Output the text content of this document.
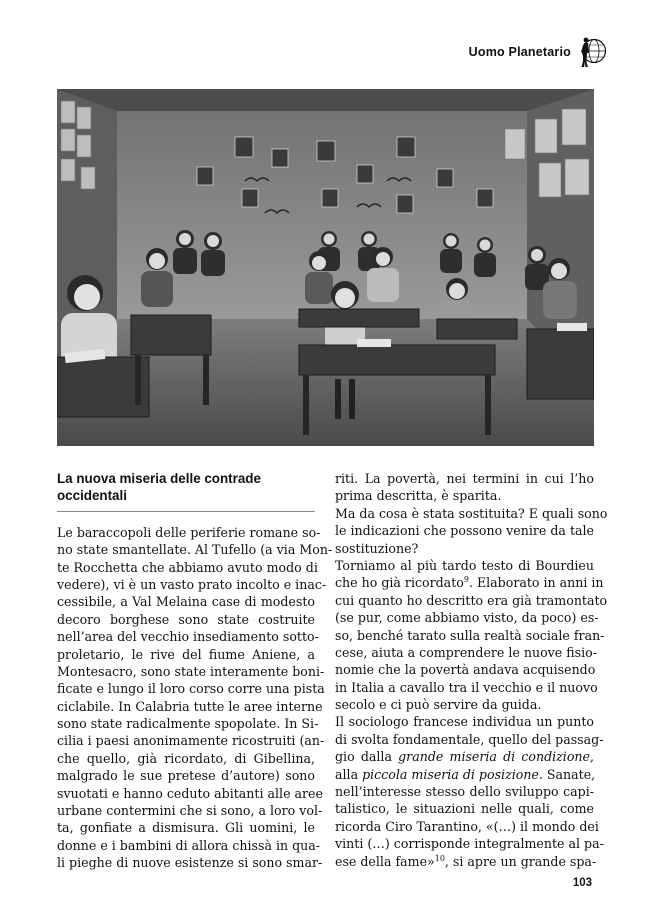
Uomo Planetario
La nuova miseria delle contrade
occidentali
Le baraccopoli delle periferie romane so-
no state smantellate. Al Tufello (a via Mon-
te Rocchetta che abbiamo avuto modo di
vedere), vi è un vasto prato incolto e inac-
cessibile, a Val Melaina case di modesto
decoro borghese sono state costruite
nell’area del vecchio insediamento sotto-
proletario, le rive del fiume Aniene, a
Montesacro, sono state interamente boni-
ficate e lungo il loro corso corre una pista
ciclabile. In Calabria tutte le aree interne
sono state radicalmente spopolate. In Si-
cilia i paesi anonimamente ricostruiti (an-
che quello, già ricordato, di Gibellina,
malgrado le sue pretese d’autore) sono
svuotati e hanno ceduto abitanti alle aree
urbane contermini che si sono, a loro vol-
ta, gonfiate a dismisura. Gli uomini, le
donne e i bambini di allora chissà in qua-
li pieghe di nuove esistenze si sono smar-
riti. La povertà, nei termini in cui l’ho
prima descritta, è sparita.
Ma da cosa è stata sostituita? E quali sono
le indicazioni che possono venire da tale
sostituzione?
Torniamo al più tardo testo di Bourdieu
che ho già ricordato$^9$. Elaborato in anni in
cui quanto ho descritto era già tramontato
(se pur, come abbiamo visto, da poco) es-
so, benché tarato sulla realtà sociale fran-
cese, aiuta a comprendere le nuove fisio-
nomie che la povertà andava acquisendo
in Italia a cavallo tra il vecchio e il nuovo
secolo e ci può servire da guida.
Il sociologo francese individua un punto
di svolta fondamentale, quello del passag-
gio dalla grande miseria di condizione,
alla piccola miseria di posizione. Sanate,
nell’interesse stesso dello sviluppo capi-
talistico, le situazioni nelle quali, come
ricorda Ciro Tarantino, «(…) il mondo dei
vinti (…) corrisponde integralmente al pa-
ese della fame»$^{10}$, si apre un grande spa-
103
